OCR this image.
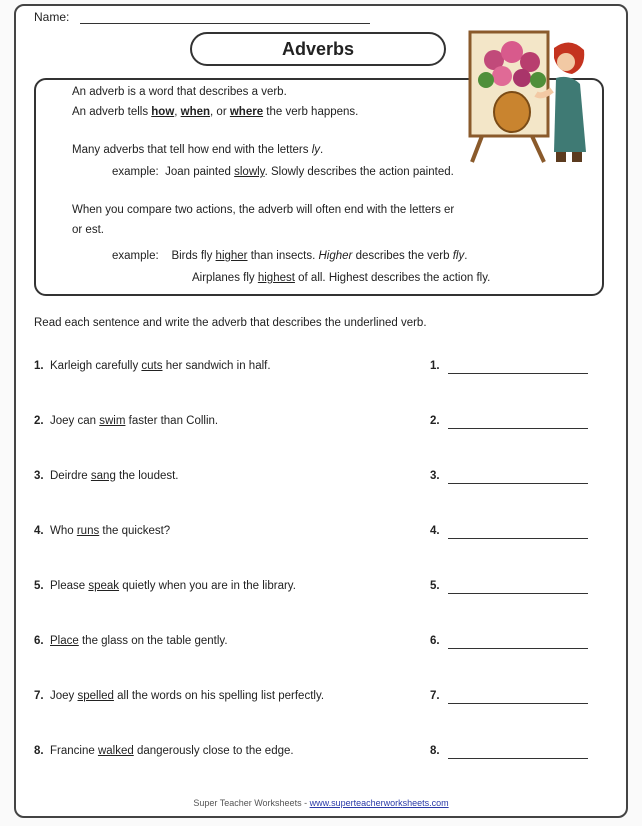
Name:
Adverbs
An adverb is a word that describes a verb.
An adverb tells how, when, or where the verb happens.
Many adverbs that tell how end with the letters ly.
example: Joan painted slowly. Slowly describes the action painted.
When you compare two actions, the adverb will often end with the letters er
or est.
example: Birds fly higher than insects. Higher describes the verb fly.
Airplanes fly highest of all. Highest describes the action fly.
Read each sentence and write the adverb that describes the underlined verb.
1. Karleigh carefully cuts her sandwich in half.	1.
2. Joey can swim faster than Collin.	2.
3. Deirdre sang the loudest.	3.
4. Who runs the quickest?	4.
5. Please speak quietly when you are in the library.	5.
6. Place the glass on the table gently.	6.
7. Joey spelled all the words on his spelling list perfectly.	7.
8. Francine walked dangerously close to the edge.	8.
Super Teacher Worksheets - www.superteacherworksheets.com
